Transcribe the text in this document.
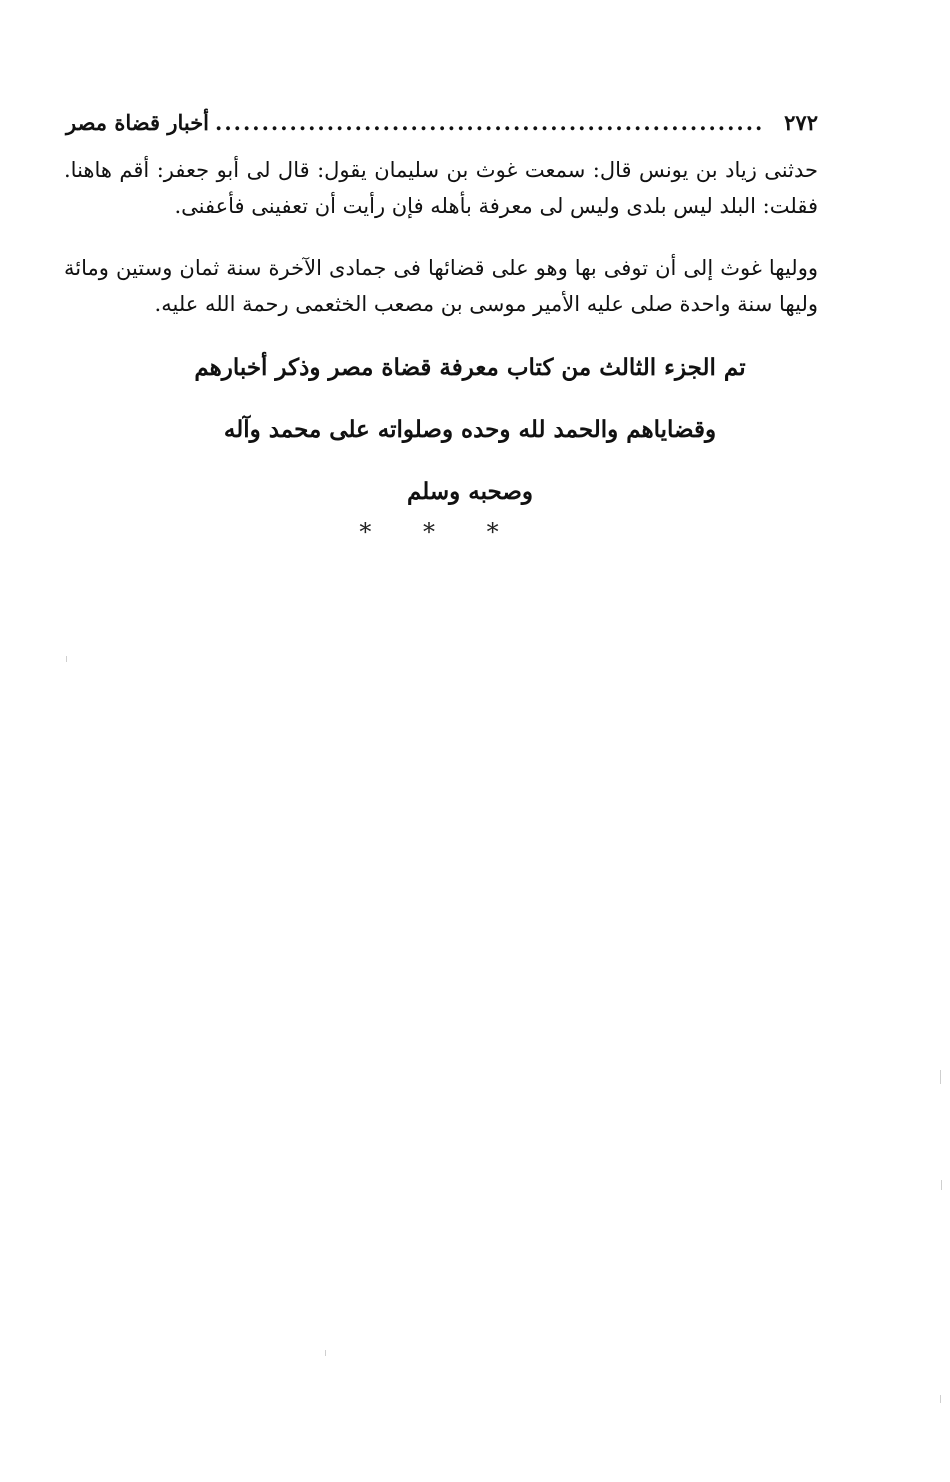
٢٧٢
...........................................................
أخبار قضاة مصر

حدثنى زياد بن يونس قال: سمعت غوث بن سليمان يقول: قال لى أبو جعفر: أقم هاهنا. فقلت: البلد ليس بلدى وليس لى معرفة بأهله فإن رأيت أن تعفينى فأعفنى.

ووليها غوث إلى أن توفى بها وهو على قضائها فى جمادى الآخرة سنة ثمان وستين ومائة وليها سنة واحدة صلى عليه الأمير موسى بن مصعب الخثعمى رحمة الله عليه.

تم الجزء الثالث من كتاب معرفة قضاة مصر وذكر أخبارهم
وقضاياهم والحمد لله وحده وصلواته على محمد وآله
وصحبه وسلم
* * *
